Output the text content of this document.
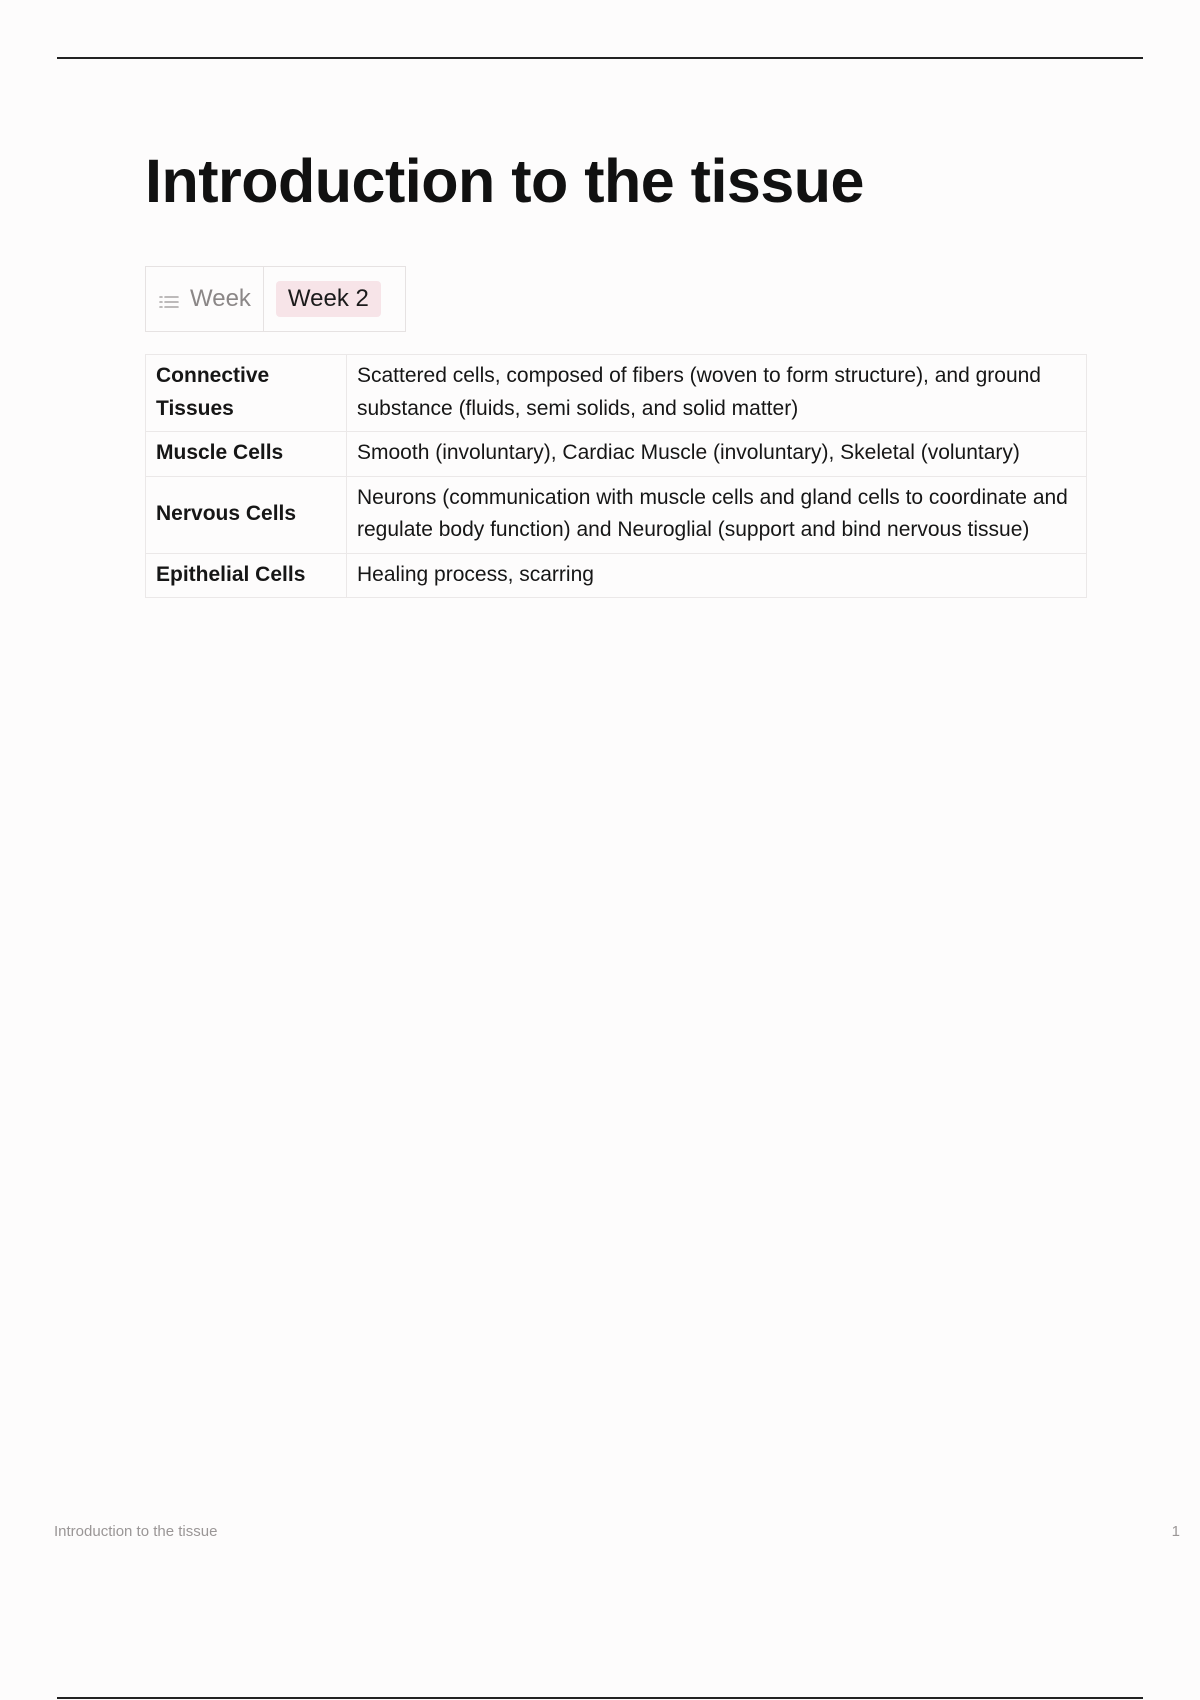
Introduction to the tissue
Week	Week 2
Connective Tissues	Scattered cells, composed of fibers (woven to form structure), and ground substance (fluids, semi solids, and solid matter)
Muscle Cells	Smooth (involuntary), Cardiac Muscle (involuntary), Skeletal (voluntary)
Nervous Cells	Neurons (communication with muscle cells and gland cells to coordinate and regulate body function) and Neuroglial (support and bind nervous tissue)
Epithelial Cells	Healing process, scarring
Introduction to the tissue	1
